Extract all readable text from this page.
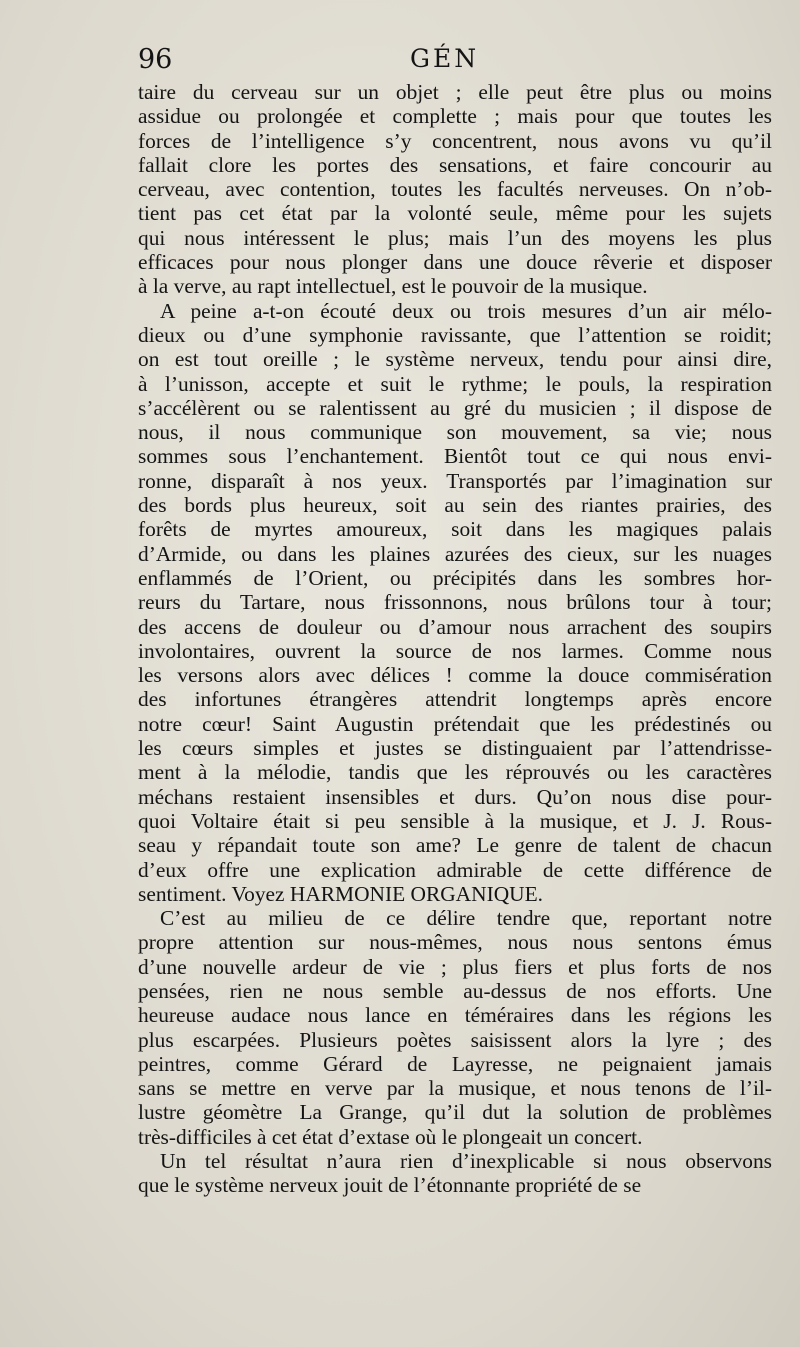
96	GÉN
taire du cerveau sur un objet ; elle peut être plus ou moins
assidue ou prolongée et complette ; mais pour que toutes les
forces de l’intelligence s’y concentrent, nous avons vu qu’il
fallait clore les portes des sensations, et faire concourir au
cerveau, avec contention, toutes les facultés nerveuses. On n’ob-
tient pas cet état par la volonté seule, même pour les sujets
qui nous intéressent le plus; mais l’un des moyens les plus
efficaces pour nous plonger dans une douce rêverie et disposer
à la verve, au rapt intellectuel, est le pouvoir de la musique.
A peine a-t-on écouté deux ou trois mesures d’un air mélo-
dieux ou d’une symphonie ravissante, que l’attention se roidit;
on est tout oreille ; le système nerveux, tendu pour ainsi dire,
à l’unisson, accepte et suit le rythme; le pouls, la respiration
s’accélèrent ou se ralentissent au gré du musicien ; il dispose de
nous, il nous communique son mouvement, sa vie; nous
sommes sous l’enchantement. Bientôt tout ce qui nous envi-
ronne, disparaît à nos yeux. Transportés par l’imagination sur
des bords plus heureux, soit au sein des riantes prairies, des
forêts de myrtes amoureux, soit dans les magiques palais
d’Armide, ou dans les plaines azurées des cieux, sur les nuages
enflammés de l’Orient, ou précipités dans les sombres hor-
reurs du Tartare, nous frissonnons, nous brûlons tour à tour;
des accens de douleur ou d’amour nous arrachent des soupirs
involontaires, ouvrent la source de nos larmes. Comme nous
les versons alors avec délices ! comme la douce commisération
des infortunes étrangères attendrit longtemps après encore
notre cœur! Saint Augustin prétendait que les prédestinés ou
les cœurs simples et justes se distinguaient par l’attendrisse-
ment à la mélodie, tandis que les réprouvés ou les caractères
méchans restaient insensibles et durs. Qu’on nous dise pour-
quoi Voltaire était si peu sensible à la musique, et J. J. Rous-
seau y répandait toute son ame? Le genre de talent de chacun
d’eux offre une explication admirable de cette différence de
sentiment. Voyez HARMONIE ORGANIQUE.
C’est au milieu de ce délire tendre que, reportant notre
propre attention sur nous-mêmes, nous nous sentons émus
d’une nouvelle ardeur de vie ; plus fiers et plus forts de nos
pensées, rien ne nous semble au-dessus de nos efforts. Une
heureuse audace nous lance en téméraires dans les régions les
plus escarpées. Plusieurs poètes saisissent alors la lyre ; des
peintres, comme Gérard de Layresse, ne peignaient jamais
sans se mettre en verve par la musique, et nous tenons de l’il-
lustre géomètre La Grange, qu’il dut la solution de problèmes
très-difficiles à cet état d’extase où le plongeait un concert.
Un tel résultat n’aura rien d’inexplicable si nous observons
que le système nerveux jouit de l’étonnante propriété de se
